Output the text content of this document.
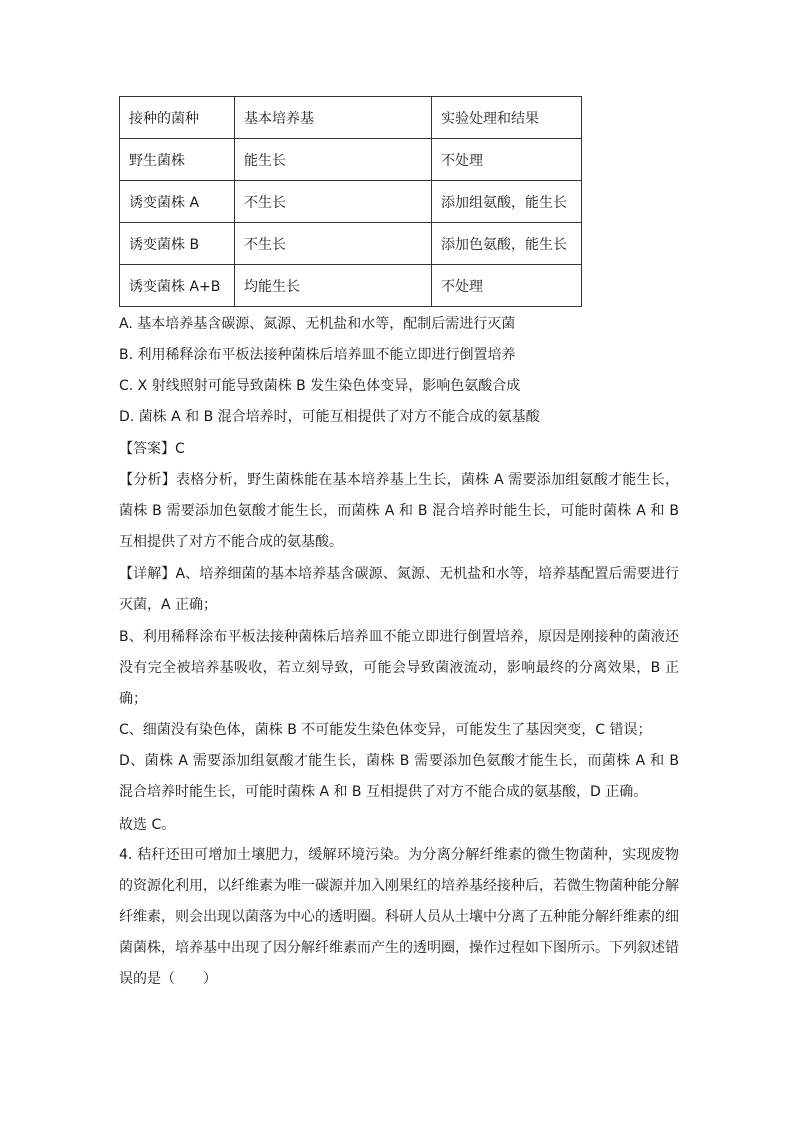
接种的菌种	基本培养基	实验处理和结果
野生菌株	能生长	不处理
诱变菌株 A	不生长	添加组氨酸，能生长
诱变菌株 B	不生长	添加色氨酸，能生长
诱变菌株 A+B	均能生长	不处理
A. 基本培养基含碳源、氮源、无机盐和水等，配制后需进行灭菌
B. 利用稀释涂布平板法接种菌株后培养皿不能立即进行倒置培养
C. X 射线照射可能导致菌株 B 发生染色体变异，影响色氨酸合成
D. 菌株 A 和 B 混合培养时，可能互相提供了对方不能合成的氨基酸
【答案】C
【分析】表格分析，野生菌株能在基本培养基上生长，菌株 A 需要添加组氨酸才能生长，菌株 B 需要添加色氨酸才能生长，而菌株 A 和 B 混合培养时能生长，可能时菌株 A 和 B 互相提供了对方不能合成的氨基酸。
【详解】A、培养细菌的基本培养基含碳源、氮源、无机盐和水等，培养基配置后需要进行灭菌，A 正确；
B、利用稀释涂布平板法接种菌株后培养皿不能立即进行倒置培养，原因是刚接种的菌液还没有完全被培养基吸收，若立刻导致，可能会导致菌液流动，影响最终的分离效果，B 正确；
C、细菌没有染色体，菌株 B 不可能发生染色体变异，可能发生了基因突变，C 错误；
D、菌株 A 需要添加组氨酸才能生长，菌株 B 需要添加色氨酸才能生长，而菌株 A 和 B 混合培养时能生长，可能时菌株 A 和 B 互相提供了对方不能合成的氨基酸，D 正确。
故选 C。
4. 秸秆还田可增加土壤肥力，缓解环境污染。为分离分解纤维素的微生物菌种，实现废物的资源化利用，以纤维素为唯一碳源并加入刚果红的培养基经接种后，若微生物菌种能分解纤维素，则会出现以菌落为中心的透明圈。科研人员从土壤中分离了五种能分解纤维素的细菌菌株，培养基中出现了因分解纤维素而产生的透明圈，操作过程如下图所示。下列叙述错误的是（　　）
